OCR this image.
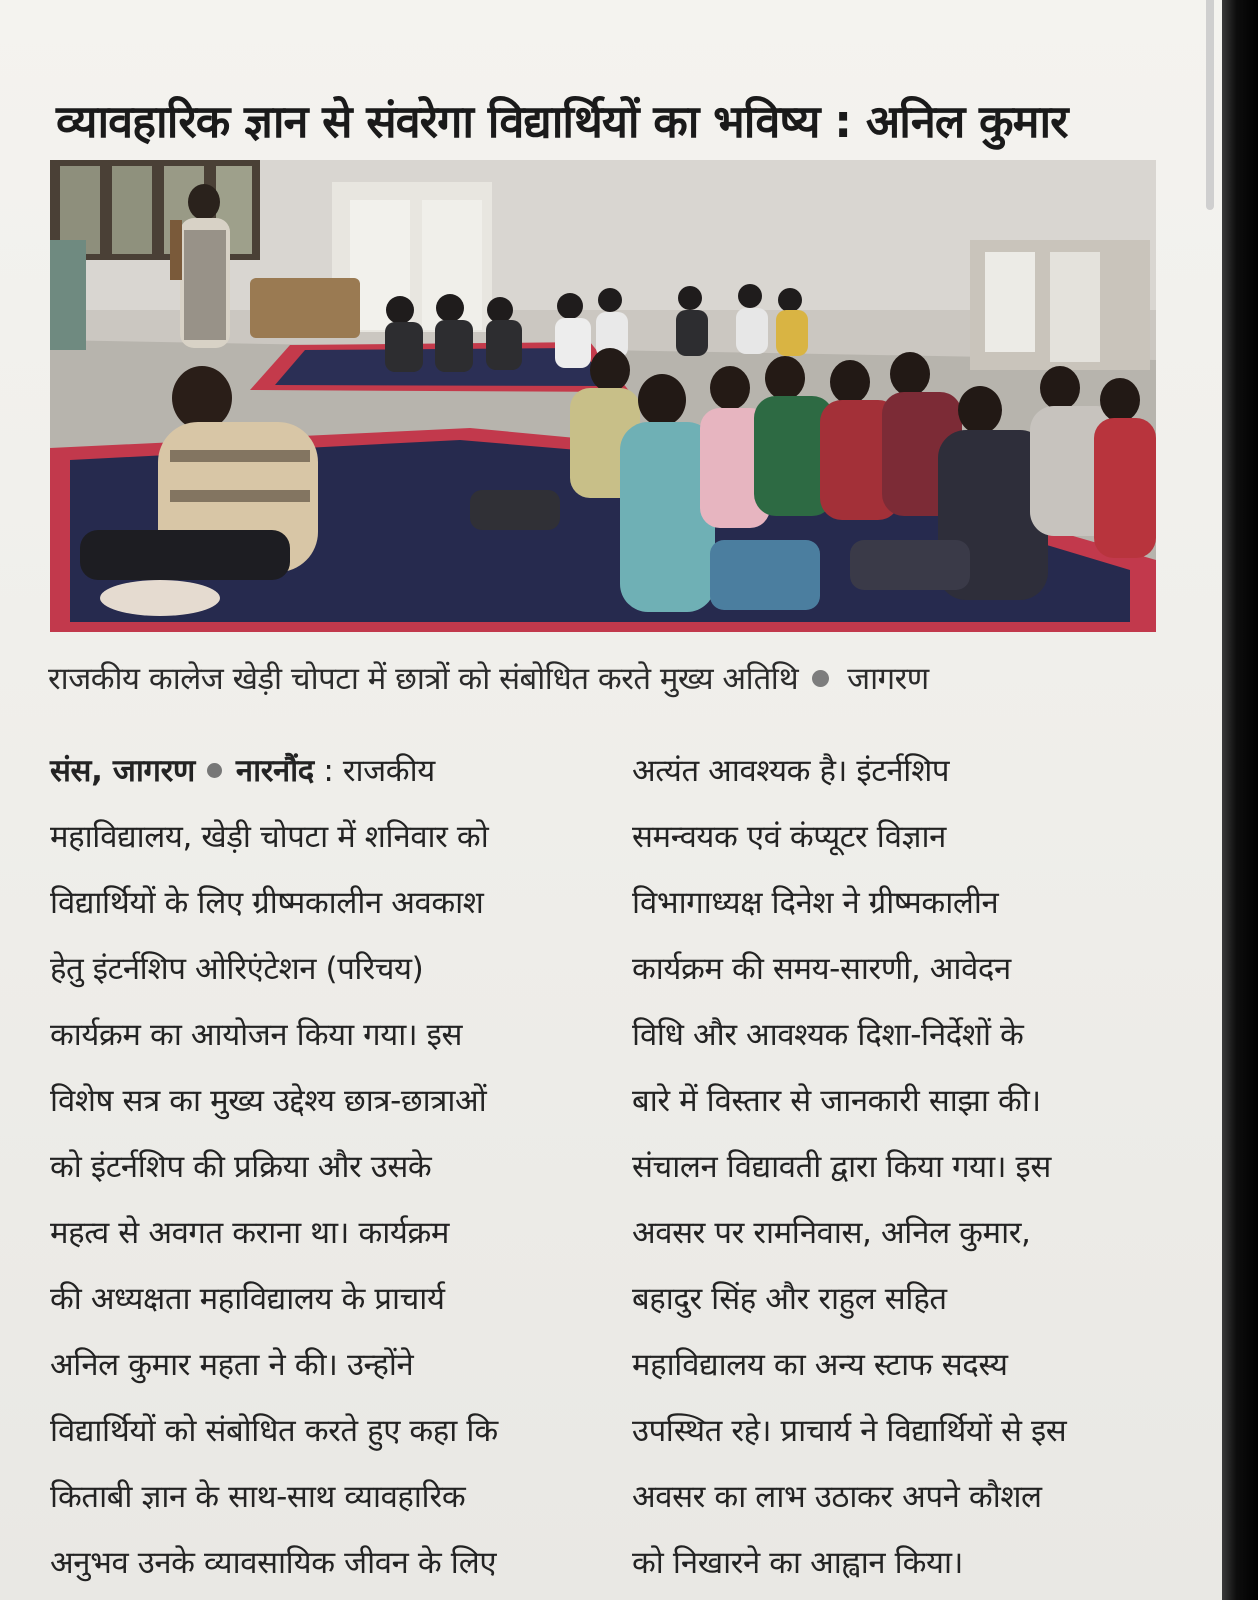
व्यावहारिक ज्ञान से संवरेगा विद्यार्थियों का भविष्य : अनिल कुमार
राजकीय कालेज खेड़ी चोपटा में छात्रों को संबोधित करते मुख्य अतिथि जागरण
संस, जागरण नारनौंद : राजकीय
महाविद्यालय, खेड़ी चोपटा में शनिवार को
विद्यार्थियों के लिए ग्रीष्मकालीन अवकाश
हेतु इंटर्नशिप ओरिएंटेशन (परिचय)
कार्यक्रम का आयोजन किया गया। इस
विशेष सत्र का मुख्य उद्देश्य छात्र-छात्राओं
को इंटर्नशिप की प्रक्रिया और उसके
महत्व से अवगत कराना था। कार्यक्रम
की अध्यक्षता महाविद्यालय के प्राचार्य
अनिल कुमार महता ने की। उन्होंने
विद्यार्थियों को संबोधित करते हुए कहा कि
किताबी ज्ञान के साथ-साथ व्यावहारिक
अनुभव उनके व्यावसायिक जीवन के लिए
अत्यंत आवश्यक है। इंटर्नशिप
समन्वयक एवं कंप्यूटर विज्ञान
विभागाध्यक्ष दिनेश ने ग्रीष्मकालीन
कार्यक्रम की समय-सारणी, आवेदन
विधि और आवश्यक दिशा-निर्देशों के
बारे में विस्तार से जानकारी साझा की।
संचालन विद्यावती द्वारा किया गया। इस
अवसर पर रामनिवास, अनिल कुमार,
बहादुर सिंह और राहुल सहित
महाविद्यालय का अन्य स्टाफ सदस्य
उपस्थित रहे। प्राचार्य ने विद्यार्थियों से इस
अवसर का लाभ उठाकर अपने कौशल
को निखारने का आह्वान किया।
